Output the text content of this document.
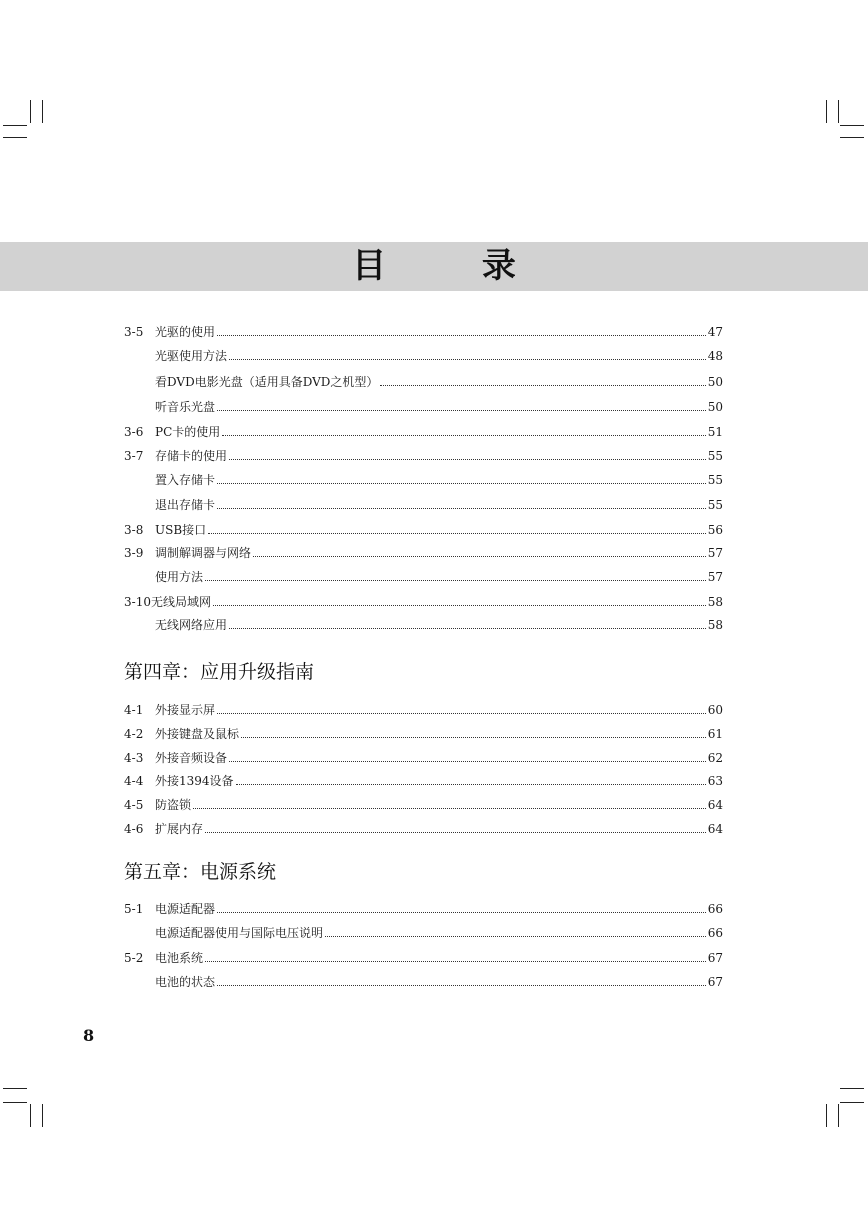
目 录
3-5 光驱的使用	47
光驱使用方法	48
看DVD电影光盘（适用具备DVD之机型）	50
听音乐光盘	50
3-6 PC卡的使用	51
3-7 存储卡的使用	55
置入存储卡	55
退出存储卡	55
3-8 USB接口	56
3-9 调制解调器与网络	57
使用方法	57
3-10 无线局域网	58
无线网络应用	58
第四章：应用升级指南
4-1 外接显示屏	60
4-2 外接键盘及鼠标	61
4-3 外接音频设备	62
4-4 外接1394设备	63
4-5 防盗锁	64
4-6 扩展内存	64
第五章：电源系统
5-1 电源适配器	66
电源适配器使用与国际电压说明	66
5-2 电池系统	67
电池的状态	67
8
